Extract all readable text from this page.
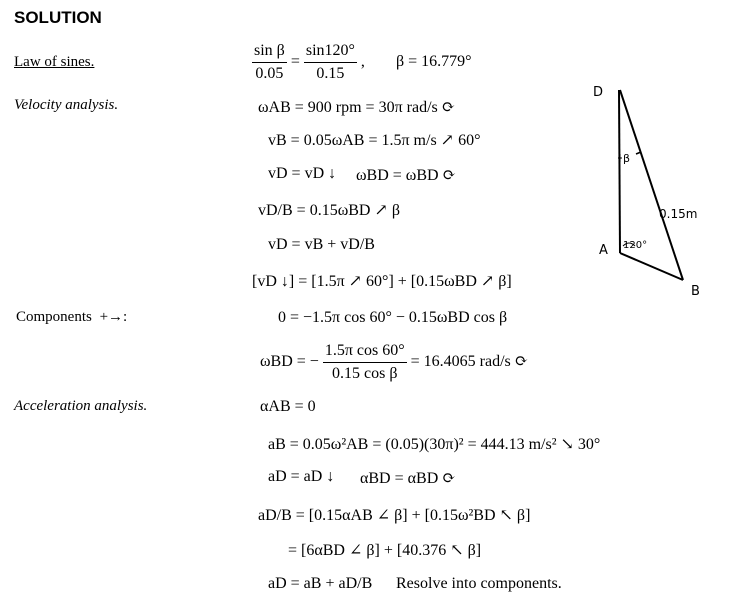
SOLUTION
Law of sines.
Velocity analysis.
Components +→:
Acceleration analysis.
$\frac{\text{sin β}}{0.05} = \frac{\sin 120^\circ}{0.15}$ , β = 16.779°
ωAB = 900 rpm = 30π rad/s ⟳
vB = 0.05ωAB = 1.5π m/s ↗ 60°
vD = vD ↓ ωBD = ωBD ⟳
vD/B = 0.15ωBD ↗ β
vD = vB + vD/B
[vD ↓] = [1.5π ↗ 60°] + [0.15ωBD ↗ β]
0 = −1.5π cos 60° − 0.15ωBD cos β
ωBD = − $\frac{\text{1.5π cos 60°}}{\text{0.15 cos β}} = 16.4065$ rad/s ⟳
αAB = 0
aB = 0.05ω²AB = (0.05)(30π)² = 444.13 m/s² ↘ 30°
aD = aD ↓ αBD = αBD ⟳
aD/B = [0.15αAB ∠ β] + [0.15ω²BD ↖ β]
= [6αBD ∠ β] + [40.376 ↖ β]
aD = aB + aD/B Resolve into components.
D
A
B
β
0.15m
120°
